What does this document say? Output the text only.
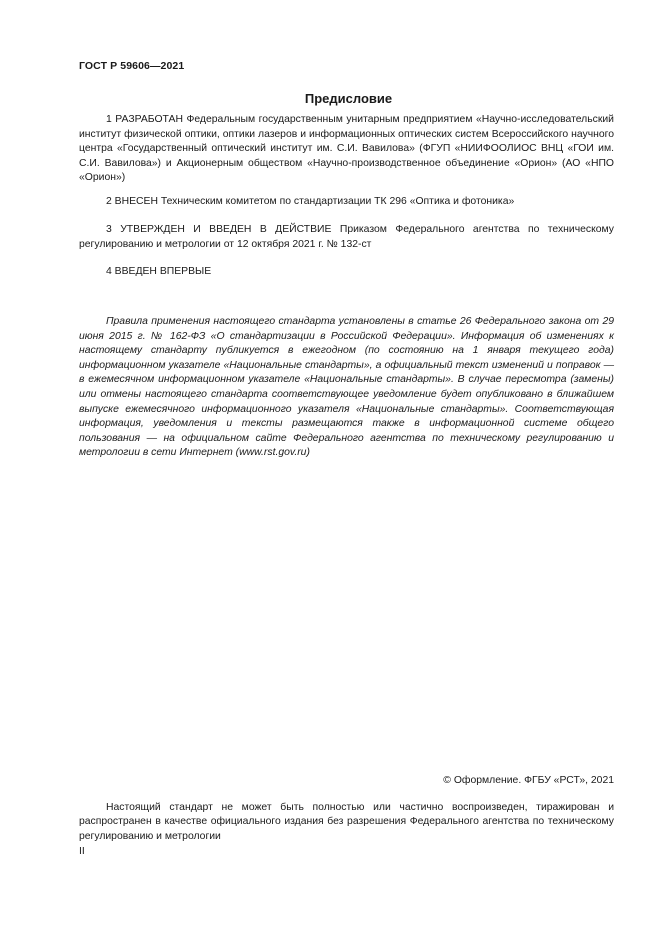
ГОСТ Р 59606—2021
Предисловие

1 РАЗРАБОТАН Федеральным государственным унитарным предприятием «Научно-исследовательский институт физической оптики, оптики лазеров и информационных оптических систем Всероссийского научного центра «Государственный оптический институт им. С.И. Вавилова» (ФГУП «НИИФООЛИОС ВНЦ «ГОИ им. С.И. Вавилова») и Акционерным обществом «Научно-производственное объединение «Орион» (АО «НПО «Орион»)

2 ВНЕСЕН Техническим комитетом по стандартизации ТК 296 «Оптика и фотоника»

3 УТВЕРЖДЕН И ВВЕДЕН В ДЕЙСТВИЕ Приказом Федерального агентства по техническому регулированию и метрологии от 12 октября 2021 г. № 132-ст

4 ВВЕДЕН ВПЕРВЫЕ

Правила применения настоящего стандарта установлены в статье 26 Федерального закона от 29 июня 2015 г. № 162-ФЗ «О стандартизации в Российской Федерации». Информация об изменениях к настоящему стандарту публикуется в ежегодном (по состоянию на 1 января текущего года) информационном указателе «Национальные стандарты», а официальный текст изменений и поправок — в ежемесячном информационном указателе «Национальные стандарты». В случае пересмотра (замены) или отмены настоящего стандарта соответствующее уведомление будет опубликовано в ближайшем выпуске ежемесячного информационного указателя «Национальные стандарты». Соответствующая информация, уведомления и тексты размещаются также в информационной системе общего пользования — на официальном сайте Федерального агентства по техническому регулированию и метрологии в сети Интернет (www.rst.gov.ru)

© Оформление. ФГБУ «РСТ», 2021

Настоящий стандарт не может быть полностью или частично воспроизведен, тиражирован и распространен в качестве официального издания без разрешения Федерального агентства по техническому регулированию и метрологии

II
